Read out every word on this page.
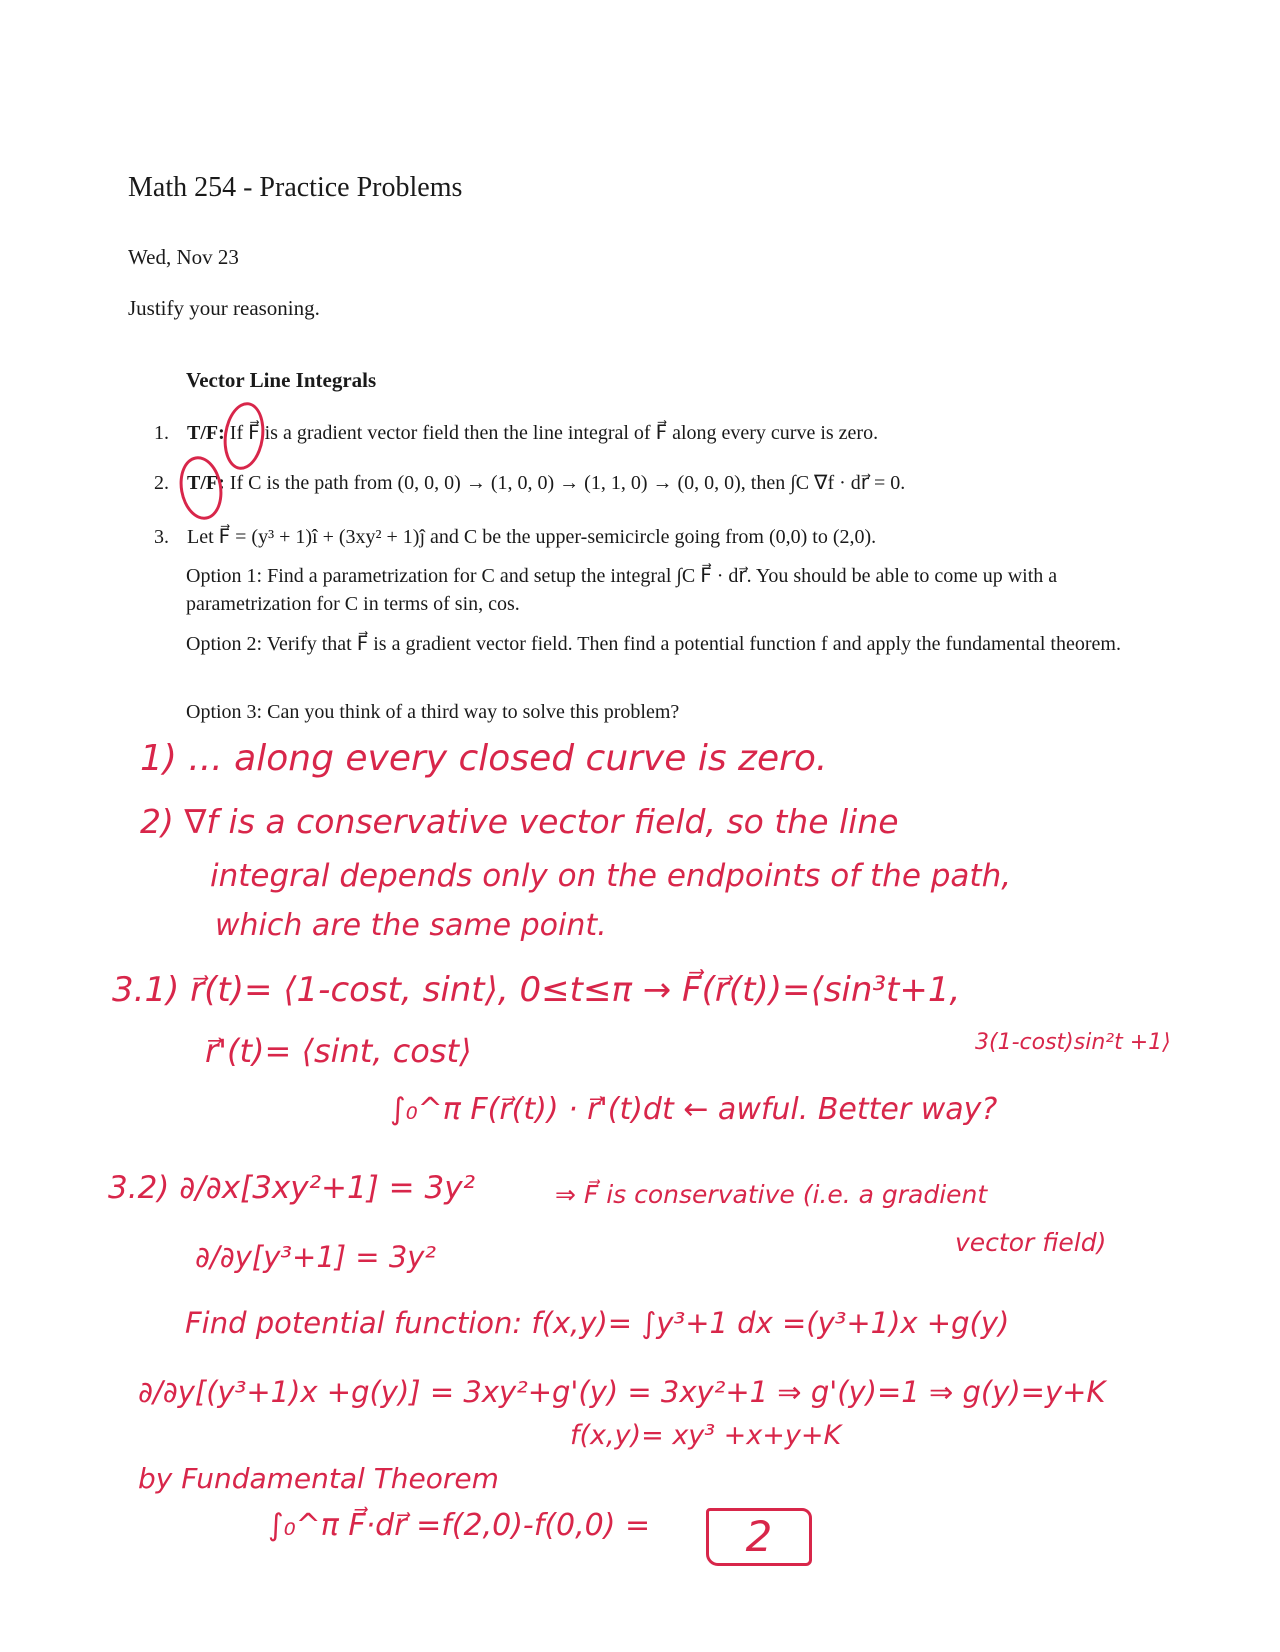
Math 254 - Practice Problems
Wed, Nov 23
Justify your reasoning.
Vector Line Integrals
1. T/F: If F⃗ is a gradient vector field then the line integral of F⃗ along every curve is zero.
2. T/F: If C is the path from (0, 0, 0) → (1, 0, 0) → (1, 1, 0) → (0, 0, 0), then ∫C ∇f · dr⃗ = 0.
3. Let F⃗ = (y³ + 1)î + (3xy² + 1)ĵ and C be the upper-semicircle going from (0,0) to (2,0).
Option 1: Find a parametrization for C and setup the integral ∫C F⃗ · dr⃗. You should be able to come up with a parametrization for C in terms of sin, cos.
Option 2: Verify that F⃗ is a gradient vector field. Then find a potential function f and apply the fundamental theorem.
Option 3: Can you think of a third way to solve this problem?
1) ... along every closed curve is zero.
2) ∇f is a conservative vector field, so the line
integral depends only on the endpoints of the path,
which are the same point.
3.1) r⃗(t)= ⟨1-cost, sint⟩, 0≤t≤π → F⃗(r⃗(t))=⟨sin³t+1,
3(1-cost)sin²t +1⟩
r⃗'(t)= ⟨sint, cost⟩
∫₀^π F(r⃗(t)) · r⃗'(t)dt ← awful. Better way?
3.2) ∂/∂x[3xy²+1] = 3y²	⇒ F⃗ is conservative (i.e. a gradient
vector field)
∂/∂y[y³+1] = 3y²
Find potential function: f(x,y)= ∫y³+1 dx =(y³+1)x +g(y)
∂/∂y[(y³+1)x +g(y)] = 3xy²+g'(y) = 3xy²+1 ⇒ g'(y)=1 ⇒ g(y)=y+K
f(x,y)= xy³ +x+y+K
by Fundamental Theorem
∫₀^π F⃗·dr⃗ =f(2,0)-f(0,0) =	2
